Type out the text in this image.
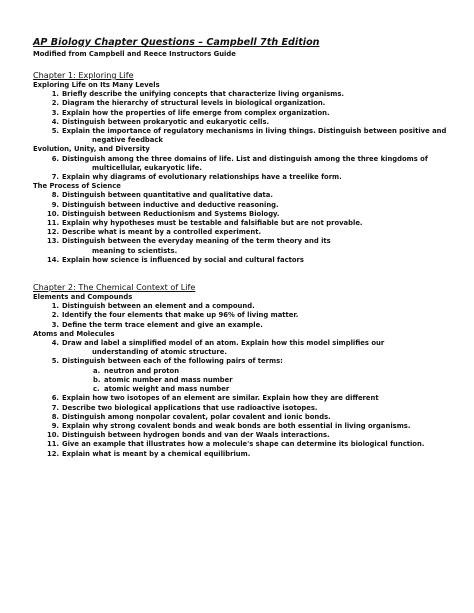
AP Biology Chapter Questions – Campbell 7th Edition
Modified from Campbell and Reece Instructors Guide
Chapter 1: Exploring Life
Exploring Life on Its Many Levels
1. Briefly describe the unifying concepts that characterize living organisms.
2. Diagram the hierarchy of structural levels in biological organization.
3. Explain how the properties of life emerge from complex organization.
4. Distinguish between prokaryotic and eukaryotic cells.
5. Explain the importance of regulatory mechanisms in living things. Distinguish between positive and
negative feedback
Evolution, Unity, and Diversity
6. Distinguish among the three domains of life. List and distinguish among the three kingdoms of
multicellular, eukaryotic life.
7. Explain why diagrams of evolutionary relationships have a treelike form.
The Process of Science
8. Distinguish between quantitative and qualitative data.
9. Distinguish between inductive and deductive reasoning.
10. Distinguish between Reductionism and Systems Biology.
11. Explain why hypotheses must be testable and falsifiable but are not provable.
12. Describe what is meant by a controlled experiment.
13. Distinguish between the everyday meaning of the term theory and its
meaning to scientists.
14. Explain how science is influenced by social and cultural factors
Chapter 2: The Chemical Context of Life
Elements and Compounds
1. Distinguish between an element and a compound.
2. Identify the four elements that make up 96% of living matter.
3. Define the term trace element and give an example.
Atoms and Molecules
4. Draw and label a simplified model of an atom. Explain how this model simplifies our
understanding of atomic structure.
5. Distinguish between each of the following pairs of terms:
a. neutron and proton
b. atomic number and mass number
c. atomic weight and mass number
6. Explain how two isotopes of an element are similar. Explain how they are different
7. Describe two biological applications that use radioactive isotopes.
8. Distinguish among nonpolar covalent, polar covalent and ionic bonds.
9. Explain why strong covalent bonds and weak bonds are both essential in living organisms.
10. Distinguish between hydrogen bonds and van der Waals interactions.
11. Give an example that illustrates how a molecule's shape can determine its biological function.
12. Explain what is meant by a chemical equilibrium.
